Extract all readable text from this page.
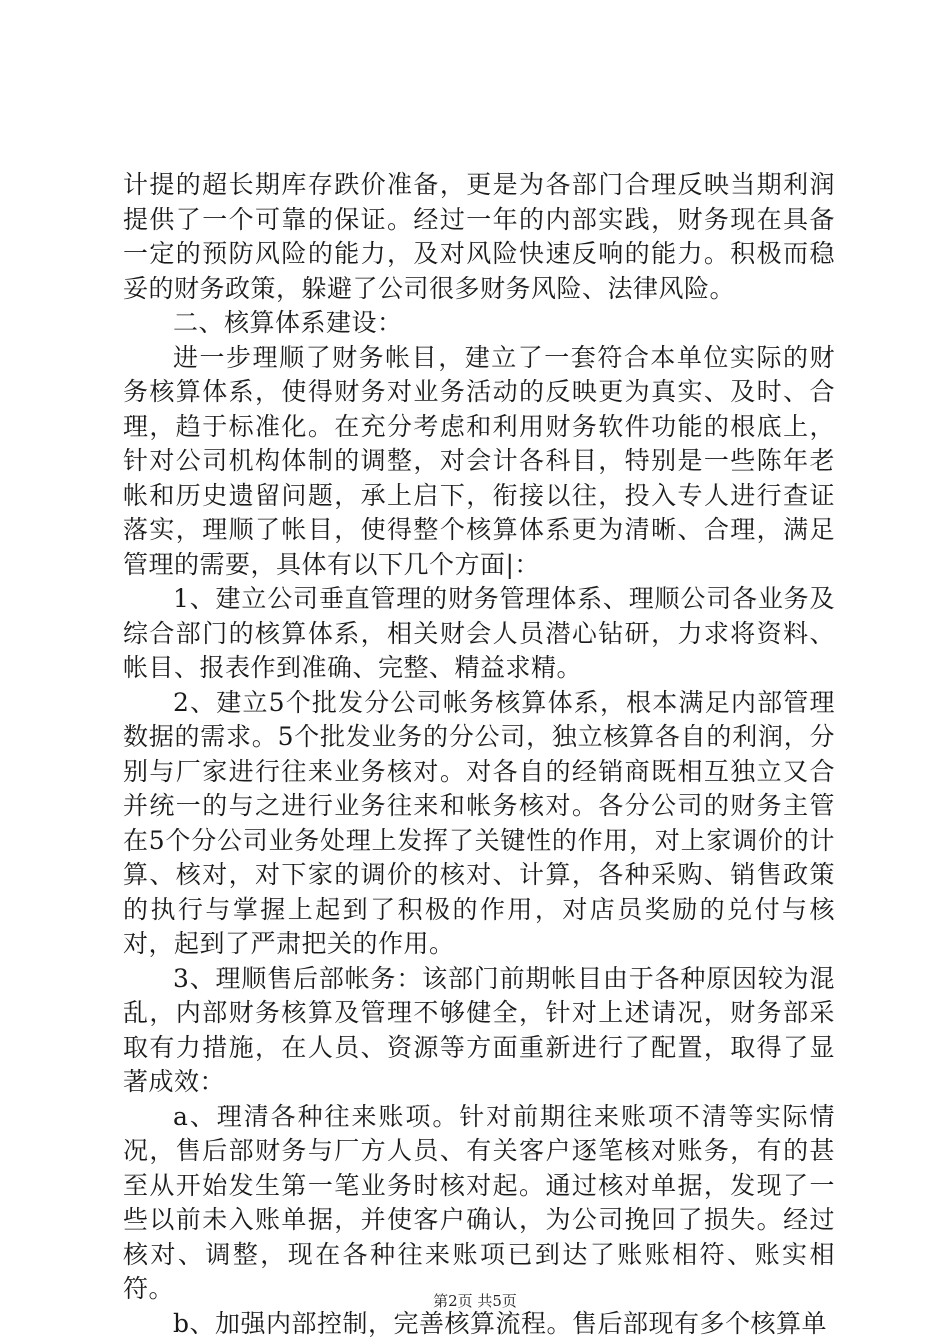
计提的超长期库存跌价准备，更是为各部门合理反映当期利润提供了一个可靠的保证。经过一年的内部实践，财务现在具备一定的预防风险的能力，及对风险快速反响的能力。积极而稳妥的财务政策，躲避了公司很多财务风险、法律风险。

二、核算体系建设：

进一步理顺了财务帐目，建立了一套符合本单位实际的财务核算体系，使得财务对业务活动的反映更为真实、及时、合理，趋于标准化。在充分考虑和利用财务软件功能的根底上，针对公司机构体制的调整，对会计各科目，特别是一些陈年老帐和历史遗留问题，承上启下，衔接以往，投入专人进行查证落实，理顺了帐目，使得整个核算体系更为清晰、合理，满足管理的需要，具体有以下几个方面|：

1、建立公司垂直管理的财务管理体系、理顺公司各业务及综合部门的核算体系，相关财会人员潜心钻研，力求将资料、帐目、报表作到准确、完整、精益求精。

2、建立5个批发分公司帐务核算体系，根本满足内部管理数据的需求。5个批发业务的分公司，独立核算各自的利润，分别与厂家进行往来业务核对。对各自的经销商既相互独立又合并统一的与之进行业务往来和帐务核对。各分公司的财务主管在5个分公司业务处理上发挥了关键性的作用，对上家调价的计算、核对，对下家的调价的核对、计算，各种采购、销售政策的执行与掌握上起到了积极的作用，对店员奖励的兑付与核对，起到了严肃把关的作用。

3、理顺售后部帐务：该部门前期帐目由于各种原因较为混乱，内部财务核算及管理不够健全，针对上述请况，财务部采取有力措施，在人员、资源等方面重新进行了配置，取得了显著成效：

a、理清各种往来账项。针对前期往来账项不清等实际情况，售后部财务与厂方人员、有关客户逐笔核对账务，有的甚至从开始发生第一笔业务时核对起。通过核对单据，发现了一些以前未入账单据，并使客户确认，为公司挽回了损失。经过核对、调整，现在各种往来账项已到达了账账相符、账实相符。

b、加强内部控制，完善核算流程。售后部现有多个核算单

第2页 共5页
